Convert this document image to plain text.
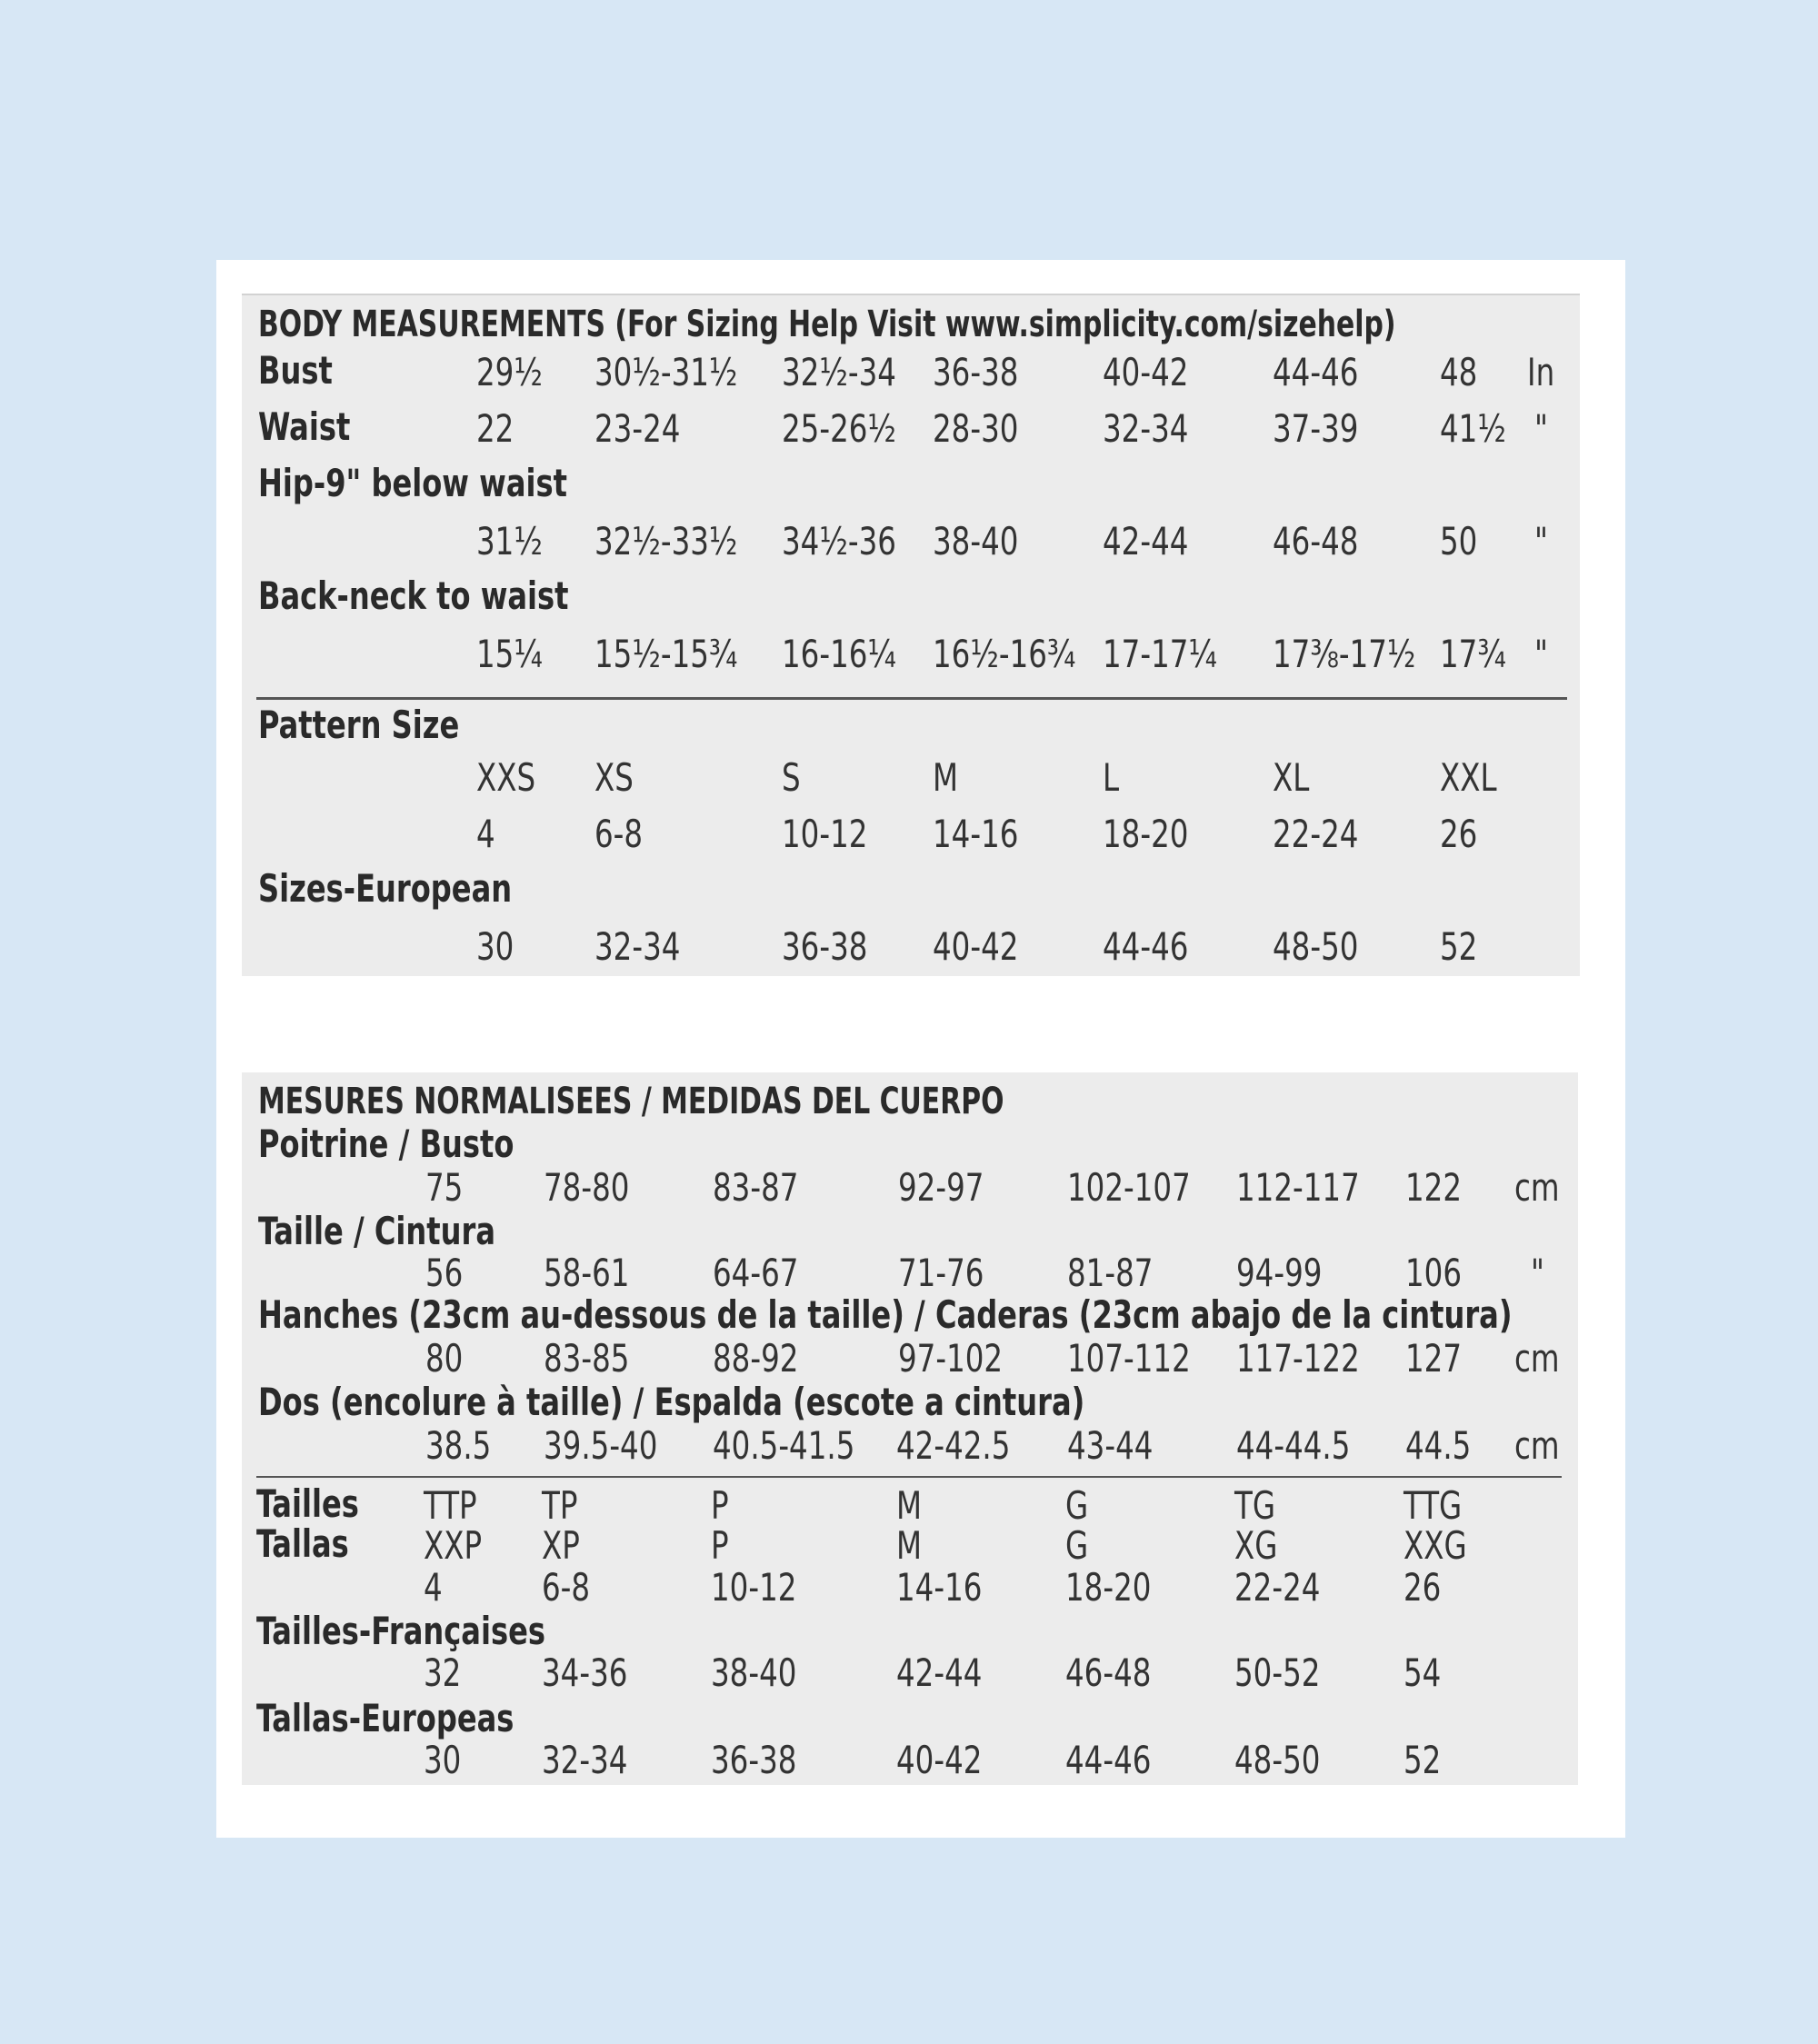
BODY MEASUREMENTS (For Sizing Help Visit www.simplicity.com/sizehelp)
Bust	29½ 30½-31½ 32½-34 36-38 40-42 44-46 48 In
Waist	22 23-24	25-26½ 28-30 32-34 37-39 41½ "
Hip-9" below waist
31½ 32½-33½ 34½-36 38-40 42-44 46-48 50 "
Back-neck to waist
15¼ 15½-15¾ 16-16¼ 16½-16¾ 17-17¼ 17⅜-17½ 17¾ "
Pattern Size
XXS XS	S	M	L	XL	XXL
4	6-8	10-12 14-16 18-20 22-24 26
Sizes-European
30 32-34	36-38 40-42 44-46 48-50 52
MESURES NORMALISEES / MEDIDAS DEL CUERPO
Poitrine / Busto
75 78-80 83-87	92-97 102-107 112-117 122 cm
Taille / Cintura
56 58-61 64-67	71-76 81-87 94-99 106 "
Hanches (23cm au-dessous de la taille) / Caderas (23cm abajo de la cintura)
80 83-85 88-92	97-102 107-112 117-122 127 cm
Dos (encolure à taille) / Espalda (escote a cintura)
38.5 39.5-40 40.5-41.5 42-42.5 43-44 44-44.5 44.5 cm
Tailles
Tallas
TTP TP	P	M	G	TG	TTG
XXP XP	P	M	G	XG	XXG
4	6-8	10-12	14-16 18-20 22-24 26
Tailles-Françaises
32 34-36 38-40	42-44 46-48 50-52 54
Tallas-Europeas
30 32-34 36-38	40-42 44-46 48-50 52
